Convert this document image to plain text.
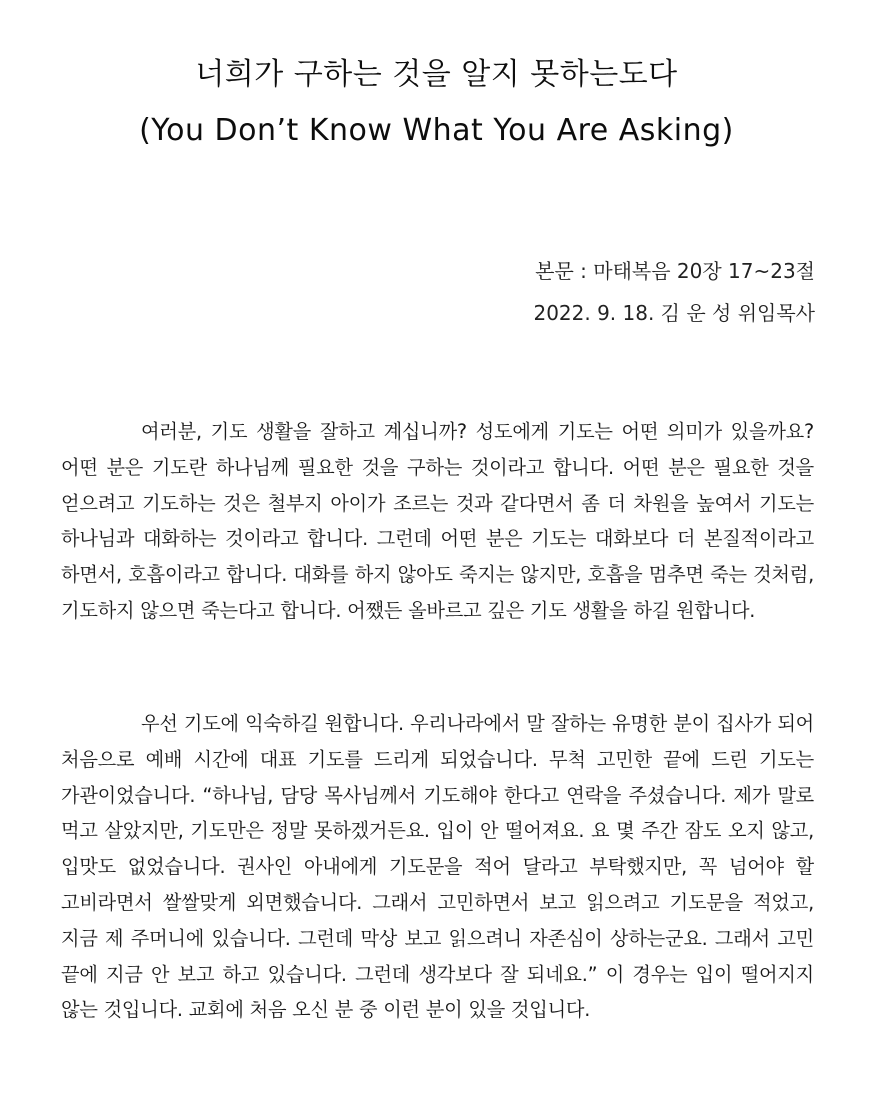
너희가 구하는 것을 알지 못하는도다
(You Don’t Know What You Are Asking)
본문 : 마태복음 20장 17~23절
2022. 9. 18. 김 운 성 위임목사

여러분, 기도 생활을 잘하고 계십니까? 성도에게 기도는 어떤 의미가 있을까요? 어떤 분은 기도란 하나님께 필요한 것을 구하는 것이라고 합니다. 어떤 분은 필요한 것을 얻으려고 기도하는 것은 철부지 아이가 조르는 것과 같다면서 좀 더 차원을 높여서 기도는 하나님과 대화하는 것이라고 합니다. 그런데 어떤 분은 기도는 대화보다 더 본질적이라고 하면서, 호흡이라고 합니다. 대화를 하지 않아도 죽지는 않지만, 호흡을 멈추면 죽는 것처럼, 기도하지 않으면 죽는다고 합니다. 어쨌든 올바르고 깊은 기도 생활을 하길 원합니다.

우선 기도에 익숙하길 원합니다. 우리나라에서 말 잘하는 유명한 분이 집사가 되어 처음으로 예배 시간에 대표 기도를 드리게 되었습니다. 무척 고민한 끝에 드린 기도는 가관이었습니다. “하나님, 담당 목사님께서 기도해야 한다고 연락을 주셨습니다. 제가 말로 먹고 살았지만, 기도만은 정말 못하겠거든요. 입이 안 떨어져요. 요 몇 주간 잠도 오지 않고, 입맛도 없었습니다. 권사인 아내에게 기도문을 적어 달라고 부탁했지만, 꼭 넘어야 할 고비라면서 쌀쌀맞게 외면했습니다. 그래서 고민하면서 보고 읽으려고 기도문을 적었고, 지금 제 주머니에 있습니다. 그런데 막상 보고 읽으려니 자존심이 상하는군요. 그래서 고민 끝에 지금 안 보고 하고 있습니다. 그런데 생각보다 잘 되네요.” 이 경우는 입이 떨어지지 않는 것입니다. 교회에 처음 오신 분 중 이런 분이 있을 것입니다.
